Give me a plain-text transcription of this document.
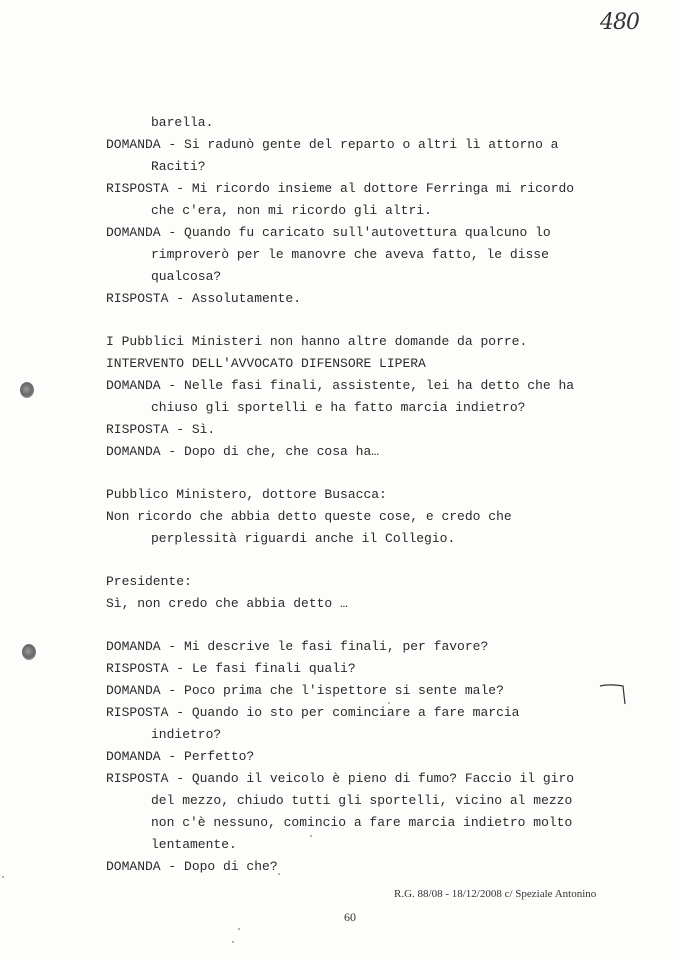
480

barella.

DOMANDA - Si radunò gente del reparto o altri lì attorno a

Raciti?

RISPOSTA - Mi ricordo insieme al dottore Ferringa mi ricordo

che c'era, non mi ricordo gli altri.

DOMANDA - Quando fu caricato sull'autovettura qualcuno lo

rimproverò per le manovre che aveva fatto, le disse

qualcosa?

RISPOSTA - Assolutamente.

I Pubblici Ministeri non hanno altre domande da porre.

INTERVENTO DELL'AVVOCATO DIFENSORE LIPERA

DOMANDA - Nelle fasi finali, assistente, lei ha detto che ha

chiuso gli sportelli e ha fatto marcia indietro?

RISPOSTA - Sì.

DOMANDA - Dopo di che, che cosa ha…

Pubblico Ministero, dottore Busacca:

Non ricordo che abbia detto queste cose, e credo che

perplessità riguardi anche il Collegio.

Presidente:

Sì, non credo che abbia detto …

DOMANDA - Mi descrive le fasi finali, per favore?

RISPOSTA - Le fasi finali quali?

DOMANDA - Poco prima che l'ispettore si sente male?

RISPOSTA - Quando io sto per cominciare a fare marcia

indietro?

DOMANDA - Perfetto?

RISPOSTA - Quando il veicolo è pieno di fumo? Faccio il giro

del mezzo, chiudo tutti gli sportelli, vicino al mezzo

non c'è nessuno, comincio a fare marcia indietro molto

lentamente.

DOMANDA - Dopo di che?

R.G. 88/08 - 18/12/2008 c/ Speziale Antonino
60
